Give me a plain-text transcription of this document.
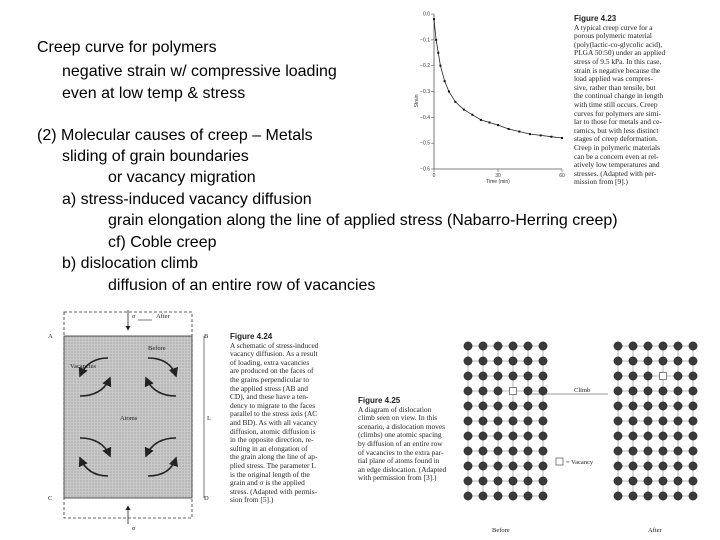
Creep curve for polymers
negative strain w/ compressive loading
even at low temp & stress
(2) Molecular causes of creep – Metals
sliding of grain boundaries
or vacancy migration
a) stress-induced vacancy diffusion
grain elongation along the line of applied stress (Nabarro-Herring creep)
cf) Coble creep
b) dislocation climb
diffusion of an entire row of vacancies
0.0
−0.1
−0.2
−0.3
−0.4
−0.5
−0.6
0	30	60
Strain
Time (min)
Figure 4.23
A typical creep curve for a
porous polymeric material
(poly(lactic-co-glycolic acid),
PLGA 50:50) under an applied
stress of 9.5 kPa. In this case,
strain is negative because the
load applied was compres-
sive, rather than tensile, but
the continual change in length
with time still occurs. Creep
curves for polymers are simi-
lar to those for metals and ce-
ramics, but with less distinct
stages of creep deformation.
Creep in polymeric materials
can be a concern even at rel-
atively low temperatures and
stresses. (Adapted with per-
mission from [9].)
A	B
C	D
σ
σ
After
Before
Vacancies
Atoms	L
Figure 4.24
A schematic of stress-induced
vacancy diffusion. As a result
of loading, extra vacancies
are produced on the faces of
the grains perpendicular to
the applied stress (AB and
CD), and these have a ten-
dency to migrate to the faces
parallel to the stress axis (AC
and BD). As with all vacancy
diffusion, atomic diffusion is
in the opposite direction, re-
sulting in an elongation of
the grain along the line of ap-
plied stress. The parameter L
is the original length of the
grain and σ is the applied
stress. (Adapted with permis-
sion from [5].)
Figure 4.25
A diagram of dislocation
climb seen on view. In this
scenario, a dislocation moves
(climbs) one atomic spacing
by diffusion of an entire row
of vacancies to the extra par-
tial plane of atoms found in
an edge dislocation. (Adapted
with permission from [3].)
= Vacancy
Climb
Before	After
